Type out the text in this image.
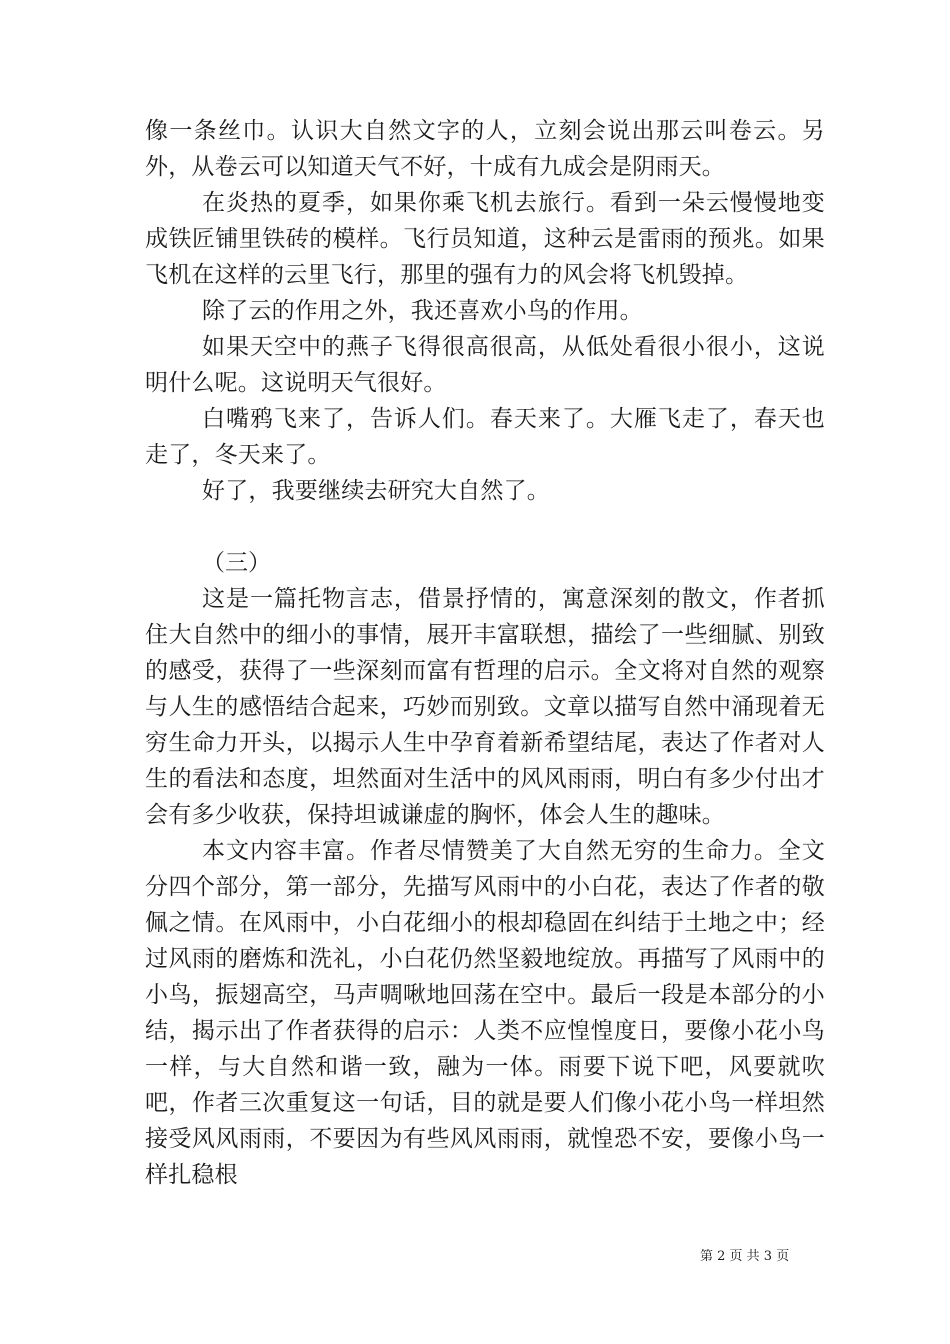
像一条丝巾。认识大自然文字的人，立刻会说出那云叫卷云。另外，从卷云可以知道天气不好，十成有九成会是阴雨天。

在炎热的夏季，如果你乘飞机去旅行。看到一朵云慢慢地变成铁匠铺里铁砖的模样。飞行员知道，这种云是雷雨的预兆。如果飞机在这样的云里飞行，那里的强有力的风会将飞机毁掉。

除了云的作用之外，我还喜欢小鸟的作用。

如果天空中的燕子飞得很高很高，从低处看很小很小，这说明什么呢。这说明天气很好。

白嘴鸦飞来了，告诉人们。春天来了。大雁飞走了，春天也走了，冬天来了。

好了，我要继续去研究大自然了。

（三）

这是一篇托物言志，借景抒情的，寓意深刻的散文，作者抓住大自然中的细小的事情，展开丰富联想，描绘了一些细腻、别致的感受，获得了一些深刻而富有哲理的启示。全文将对自然的观察与人生的感悟结合起来，巧妙而别致。文章以描写自然中涌现着无穷生命力开头，以揭示人生中孕育着新希望结尾，表达了作者对人生的看法和态度，坦然面对生活中的风风雨雨，明白有多少付出才会有多少收获，保持坦诚谦虚的胸怀，体会人生的趣味。

本文内容丰富。作者尽情赞美了大自然无穷的生命力。全文分四个部分，第一部分，先描写风雨中的小白花，表达了作者的敬佩之情。在风雨中，小白花细小的根却稳固在纠结于土地之中；经过风雨的磨炼和洗礼，小白花仍然坚毅地绽放。再描写了风雨中的小鸟，振翅高空，马声啁啾地回荡在空中。最后一段是本部分的小结，揭示出了作者获得的启示：人类不应惶惶度日，要像小花小鸟一样，与大自然和谐一致，融为一体。雨要下说下吧，风要就吹吧，作者三次重复这一句话，目的就是要人们像小花小鸟一样坦然接受风风雨雨，不要因为有些风风雨雨，就惶恐不安，要像小鸟一样扎稳根

第 2 页 共 3 页
